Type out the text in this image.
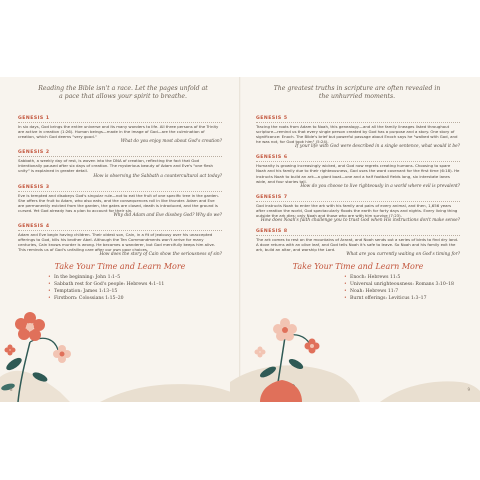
Reading the Bible isn't a race. Let the pages unfold at a pace that allows your spirit to breathe.
GENESIS 1
In six days, God brings the entire universe and its many wonders to life. All three persons of the Trinity are active in creation (1:26). Human beings—made in the image of God—are the culmination of creation, which God deems "very good."
What do you enjoy most about God's creation?
GENESIS 2
Sabbath, a weekly day of rest, is woven into the DNA of creation, reflecting the fact that God intentionally paused after six days of creation. The mysterious beauty of Adam and Eve's "one flesh unity" is explained in greater detail.
How is observing the Sabbath a countercultural act today?
GENESIS 3
Eve is tempted and disobeys God's singular rule—not to eat the fruit of one specific tree in the garden. She offers the fruit to Adam, who also eats, and the consequences roll in like thunder. Adam and Eve are permanently evicted from the garden, the gates are closed, death is introduced, and the ground is cursed. Yet God already has a plan to account for their sin.
Why did Adam and Eve disobey God? Why do we?
GENESIS 4
Adam and Eve begin having children. Their oldest son, Cain, in a fit of jealousy over his unaccepted offerings to God, kills his brother Abel. Although the Ten Commandments won't arrive for many centuries, Cain knows murder is wrong. He becomes a wanderer, but God mercifully keeps him alive. This reminds us of God's unfailing care after our own poor choices.
How does the story of Cain show the seriousness of sin?
Take Your Time and Learn More
• In the beginning: John 1:1–5
• Sabbath rest for God's people: Hebrews 4:1–11
• Temptation: James 1:13–15
• Firstborn: Colossians 1:15–20
8
The greatest truths in scripture are often revealed in the unhurried moments.
GENESIS 5
Tracing the roots from Adam to Noah, this genealogy—and all the family lineages listed throughout scripture—remind us that every single person created by God has a purpose and a story. One story of significance: Enoch. The Bible's brief but powerful passage about Enoch says he "walked with God, and he was not, for God took him" (5:24).
If your life with God were described in a single sentence, what would it be?
GENESIS 6
Humanity is growing increasingly wicked, and God now regrets creating humans. Choosing to spare Noah and his family due to their righteousness, God uses the word covenant for the first time (6:18). He instructs Noah to build an ark—a giant boat—one and a half football fields long, six interstate lanes wide, and four stories tall.
How do you choose to live righteously in a world where evil is prevalent?
GENESIS 7
God instructs Noah to enter the ark with his family and pairs of every animal, and then, 1,656 years after creation the world, God spectacularly floods the earth for forty days and nights. Every living thing outside the ark dies; only Noah and those who are with him survive (7:23).
How does Noah's faith challenge you to trust God when His instructions don't make sense?
GENESIS 8
The ark comes to rest on the mountains of Ararat, and Noah sends out a series of birds to find dry land. A dove returns with an olive leaf, and God tells Noah it's safe to leave. So Noah and his family exit the ark, build an altar, and worship the Lord.
What are you currently waiting on God's timing for?
Take Your Time and Learn More
• Enoch: Hebrews 11:5
• Universal unrighteousness: Romans 3:10–18
• Noah: Hebrews 11:7
• Burnt offerings: Leviticus 1:3–17
9
